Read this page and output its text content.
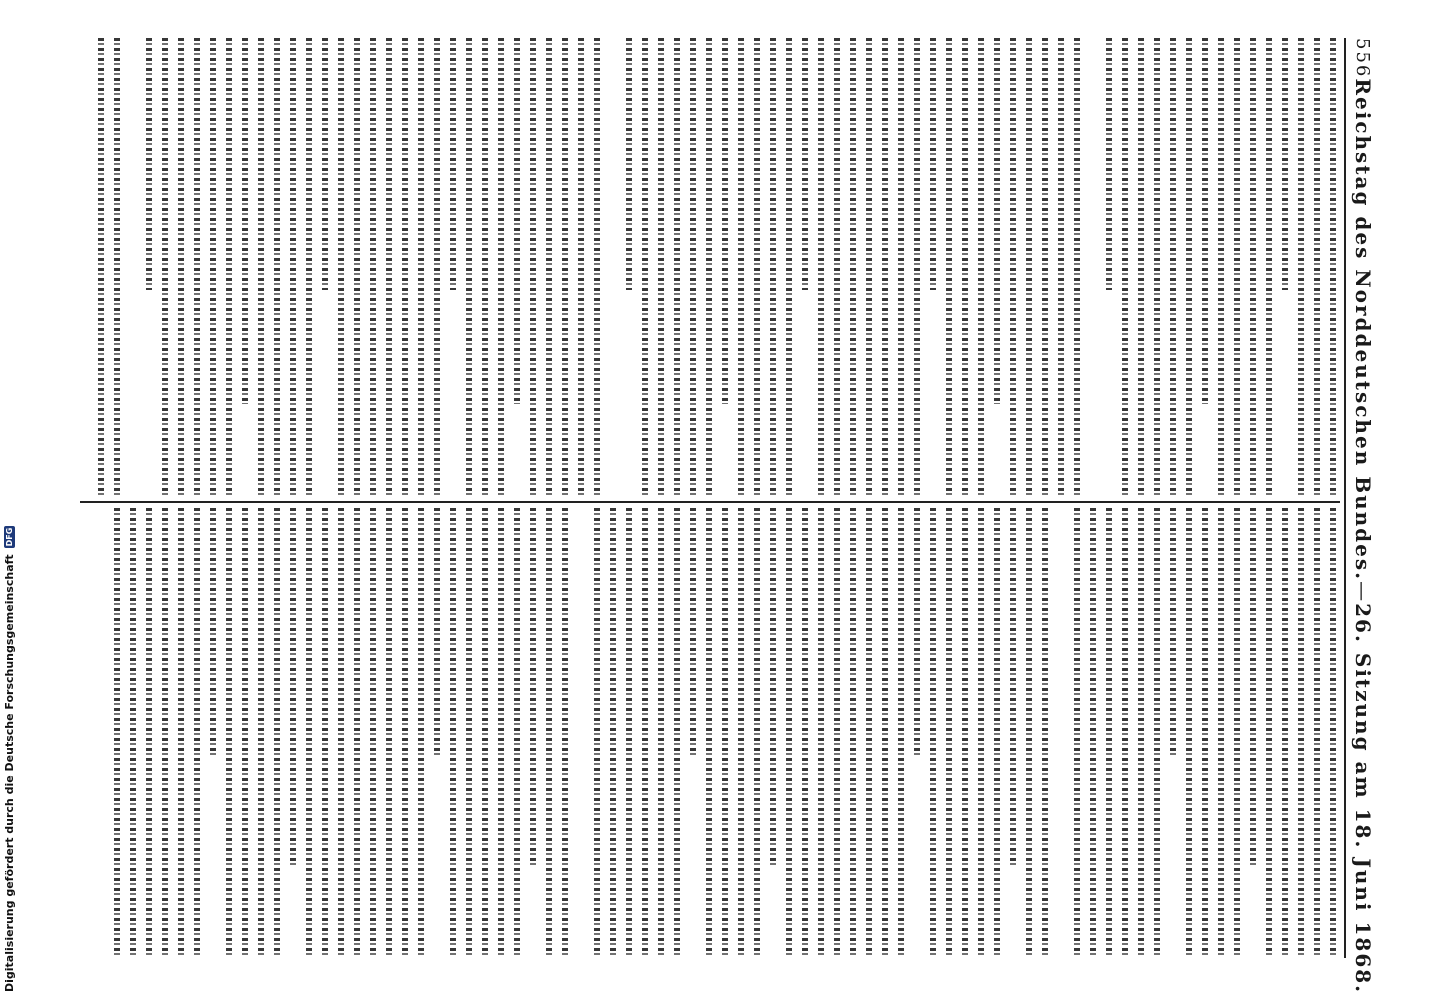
556
Reichstag des Norddeutschen Bundes.
—
26. Sitzung am 18. Juni 1868.
Digitalisierung gefördert durch die Deutsche Forschungsgemeinschaft
DFG
